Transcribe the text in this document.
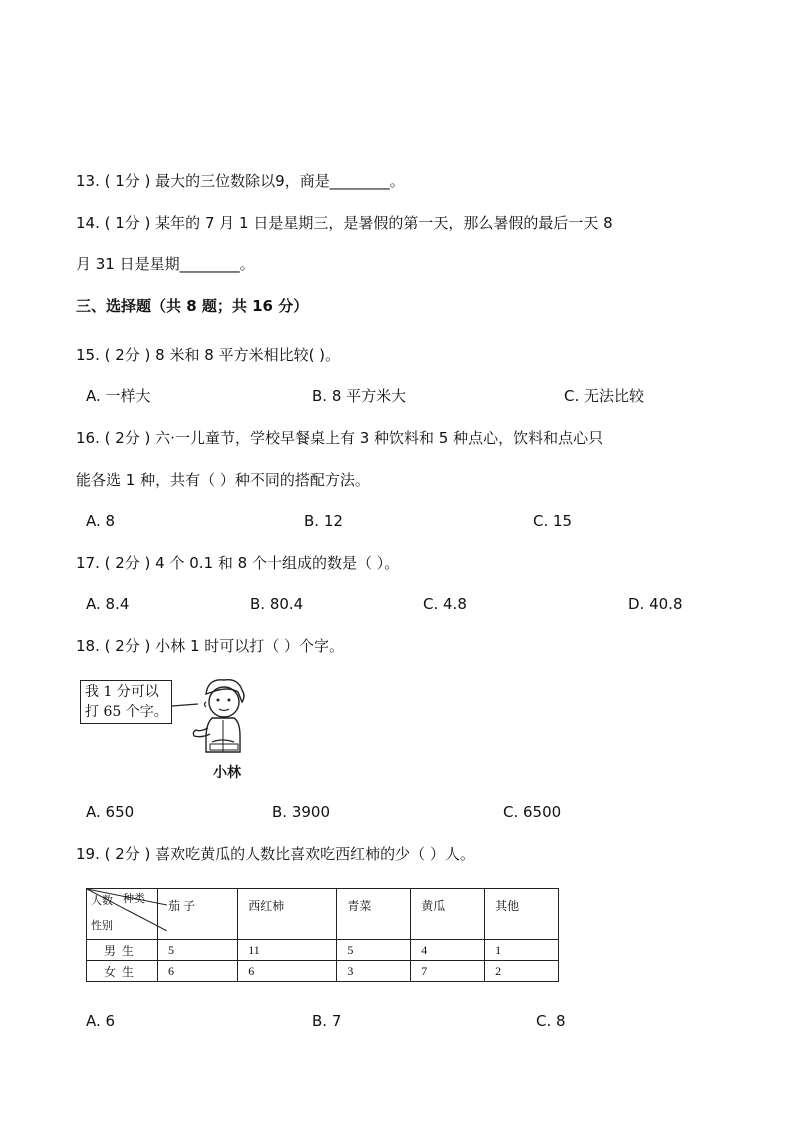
13. ( 1分 ) 最大的三位数除以9，商是________。
14. ( 1分 ) 某年的 7 月 1 日是星期三，是暑假的第一天，那么暑假的最后一天 8
月 31 日是星期________。
三、选择题（共 8 题；共 16 分）
15. ( 2分 ) 8 米和 8 平方米相比较( )。
A. 一样大	B. 8 平方米大	C. 无法比较
16. ( 2分 ) 六·一儿童节，学校早餐桌上有 3 种饮料和 5 种点心，饮料和点心只
能各选 1 种，共有（ ）种不同的搭配方法。
A. 8	B. 12	C. 15
17. ( 2分 ) 4 个 0.1 和 8 个十组成的数是（ ）。
A. 8.4	B. 80.4	C. 4.8	D. 40.8
18. ( 2分 ) 小林 1 时可以打（ ）个字。
我 1 分可以
打 65 个字。
小林
A. 650	B. 3900	C. 6500
19. ( 2分 ) 喜欢吃黄瓜的人数比喜欢吃西红柿的少（ ）人。
人数 种类
性别	茄 子	西红柿	青菜	黄瓜	其他
男生	5	11	5	4	1
女生	6	6	3	7	2
A. 6	B. 7	C. 8
